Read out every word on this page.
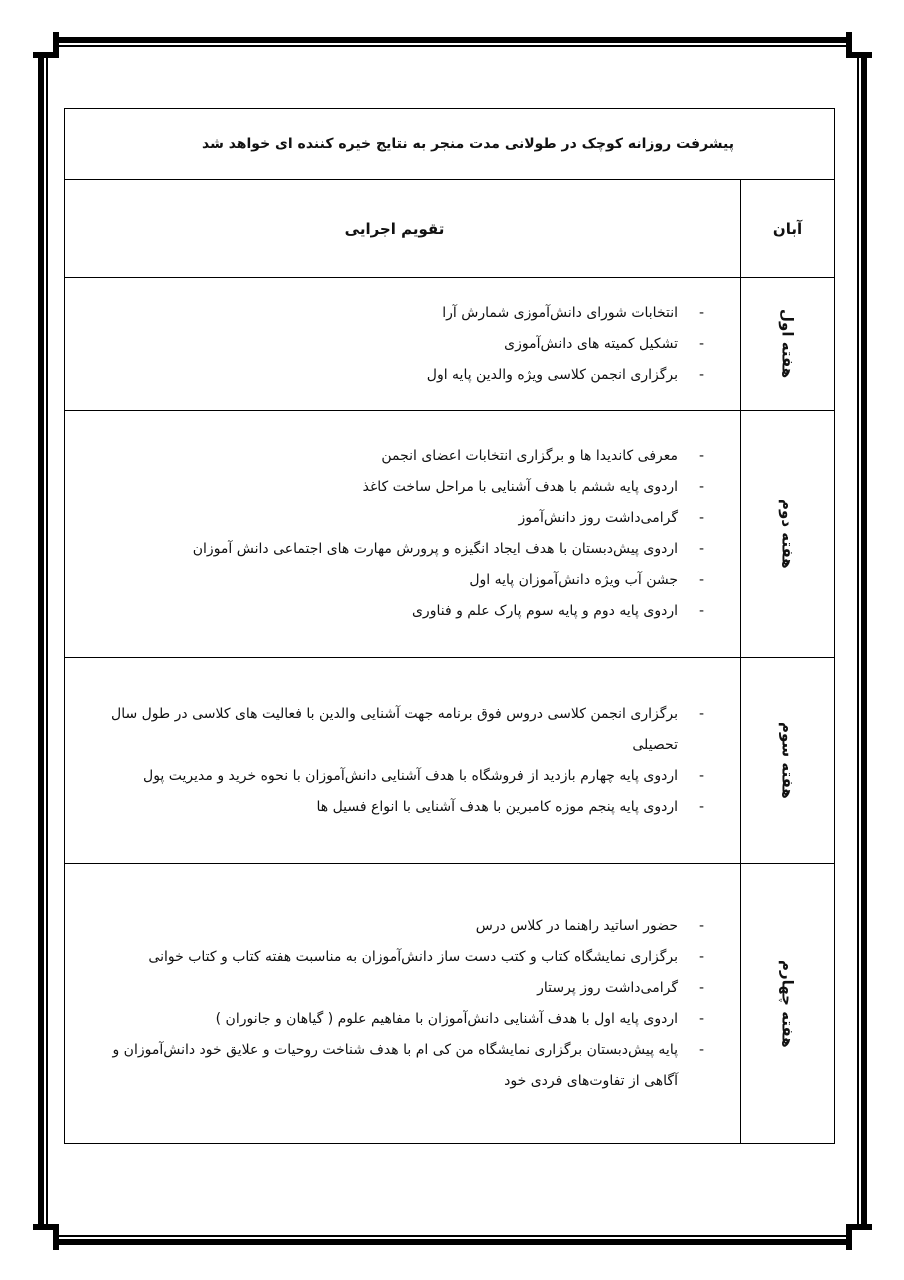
پیشرفت روزانه کوچک در طولانی مدت منجر به نتایج خیره کننده ای خواهد شد
آبان
تقویم اجرایی
هفته اول
- انتخابات شورای دانش‌آموزی شمارش آرا
- تشکیل کمیته های دانش‌آموزی
- برگزاری انجمن کلاسی ویژه والدین پایه اول
هفته دوم
- معرفی کاندیدا ها و برگزاری انتخابات اعضای انجمن
- اردوی پایه ششم با هدف آشنایی با مراحل ساخت کاغذ
- گرامی‌داشت روز دانش‌آموز
- اردوی پیش‌دبستان با هدف ایجاد انگیزه و پرورش مهارت های اجتماعی دانش آموزان
- جشن آب ویژه دانش‌آموزان پایه اول
- اردوی پایه دوم و پایه سوم پارک علم و فناوری
هفته سوم
- برگزاری انجمن کلاسی دروس فوق برنامه جهت آشنایی والدین با فعالیت های کلاسی در طول سال تحصیلی
- اردوی پایه چهارم بازدید از فروشگاه با هدف آشنایی دانش‌آموزان با نحوه خرید و مدیریت پول
- اردوی پایه پنجم موزه کامبرین با هدف آشنایی با انواع فسیل ها
هفته چهارم
- حضور اساتید راهنما در کلاس درس
- برگزاری نمایشگاه کتاب و کتب دست ساز دانش‌آموزان به مناسبت هفته کتاب و کتاب خوانی
- گرامی‌داشت روز پرستار
- اردوی پایه اول با هدف آشنایی دانش‌آموزان با مفاهیم علوم ( گیاهان و جانوران )
- پایه پیش‌دبستان برگزاری نمایشگاه من کی ام با هدف شناخت روحیات و علایق خود دانش‌آموزان و آگاهی از تفاوت‌های فردی خود
